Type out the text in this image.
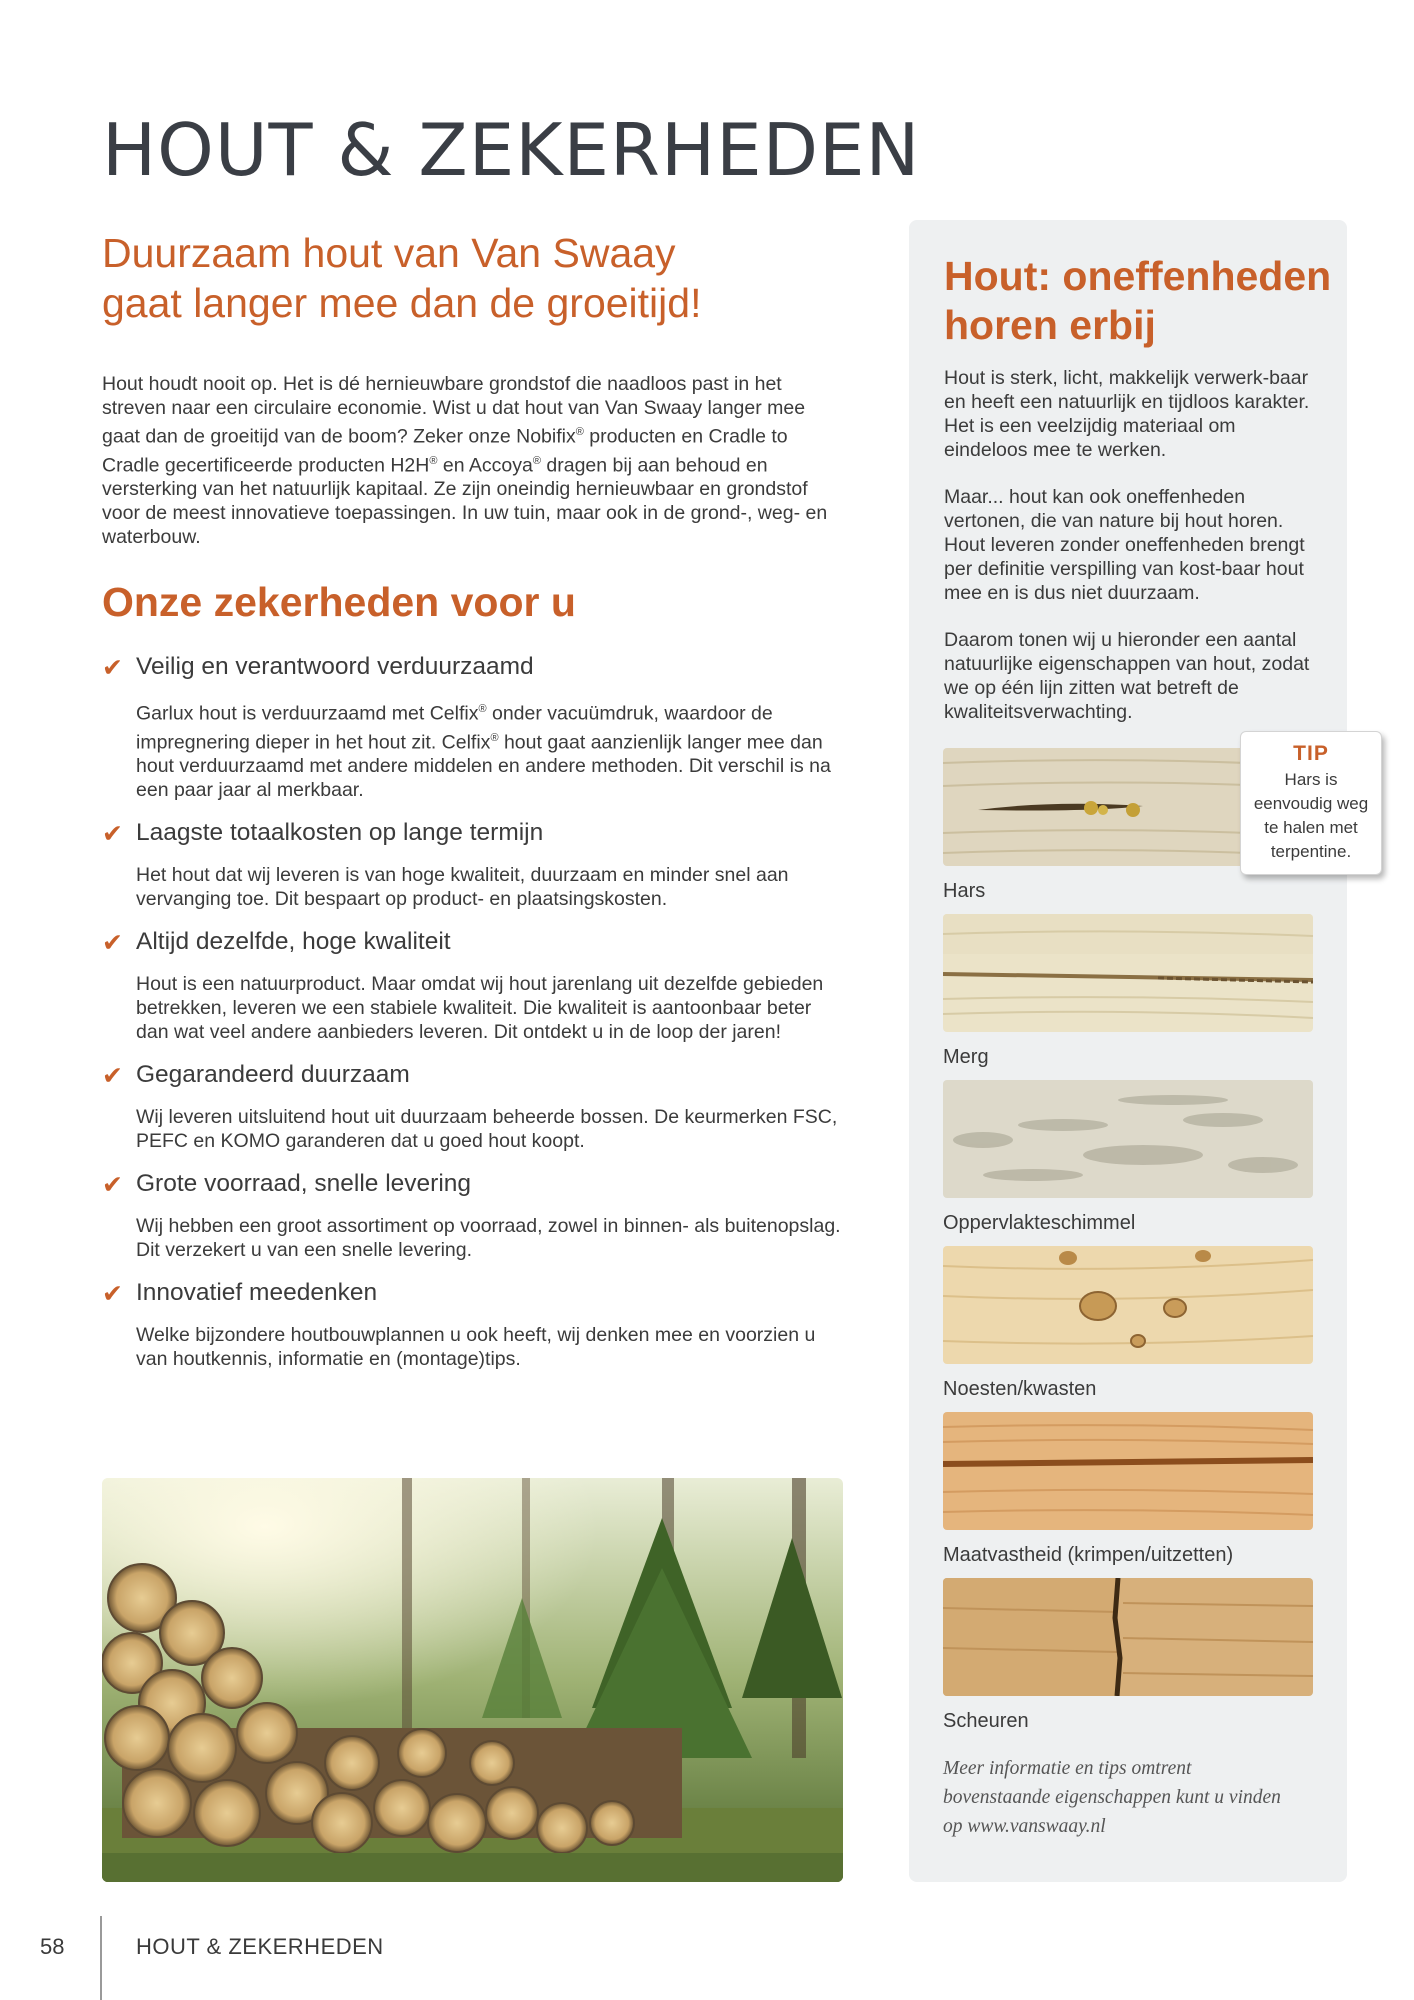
HOUT & ZEKERHEDEN
Duurzaam hout van Van Swaay
gaat langer mee dan de groeitijd!

Hout houdt nooit op. Het is dé hernieuwbare grondstof die naadloos past in het streven naar een circulaire economie. Wist u dat hout van Van Swaay langer mee gaat dan de groeitijd van de boom? Zeker onze Nobifix® producten en Cradle to Cradle gecertificeerde producten H2H® en Accoya® dragen bij aan behoud en versterking van het natuurlijk kapitaal. Ze zijn oneindig hernieuwbaar en grondstof voor de meest innovatieve toepassingen. In uw tuin, maar ook in de grond-, weg- en waterbouw.

Onze zekerheden voor u
✔ Veilig en verantwoord verduurzaamd

Garlux hout is verduurzaamd met Celfix® onder vacuümdruk, waardoor de impregnering dieper in het hout zit. Celfix® hout gaat aanzienlijk langer mee dan hout verduurzaamd met andere middelen en andere methoden. Dit verschil is na een paar jaar al merkbaar.

✔ Laagste totaalkosten op lange termijn

Het hout dat wij leveren is van hoge kwaliteit, duurzaam en minder snel aan vervanging toe. Dit bespaart op product- en plaatsingskosten.

✔ Altijd dezelfde, hoge kwaliteit

Hout is een natuurproduct. Maar omdat wij hout jarenlang uit dezelfde gebieden betrekken, leveren we een stabiele kwaliteit. Die kwaliteit is aantoonbaar beter dan wat veel andere aanbieders leveren. Dit ontdekt u in de loop der jaren!

✔ Gegarandeerd duurzaam

Wij leveren uitsluitend hout uit duurzaam beheerde bossen. De keurmerken FSC, PEFC en KOMO garanderen dat u goed hout koopt.

✔ Grote voorraad, snelle levering

Wij hebben een groot assortiment op voorraad, zowel in binnen- als buitenopslag. Dit verzekert u van een snelle levering.

✔ Innovatief meedenken

Welke bijzondere houtbouwplannen u ook heeft, wij denken mee en voorzien u van houtkennis, informatie en (montage)tips.

Hout: oneffenheden
horen erbij

Hout is sterk, licht, makkelijk verwerk-baar en heeft een natuurlijk en tijdloos karakter. Het is een veelzijdig materiaal om eindeloos mee te werken.

Maar... hout kan ook oneffenheden vertonen, die van nature bij hout horen. Hout leveren zonder oneffenheden brengt per definitie verspilling van kost-baar hout mee en is dus niet duurzaam.

Daarom tonen wij u hieronder een aantal natuurlijke eigenschappen van hout, zodat we op één lijn zitten wat betreft de kwaliteitsverwachting.

Hars
Merg
Oppervlakteschimmel
Noesten/kwasten
Maatvastheid (krimpen/uitzetten)
Scheuren
TIP
Hars is
eenvoudig weg
te halen met
terpentine.
Meer informatie en tips omtrent
bovenstaande eigenschappen kunt u vinden
op www.vanswaay.nl
58	HOUT & ZEKERHEDEN
